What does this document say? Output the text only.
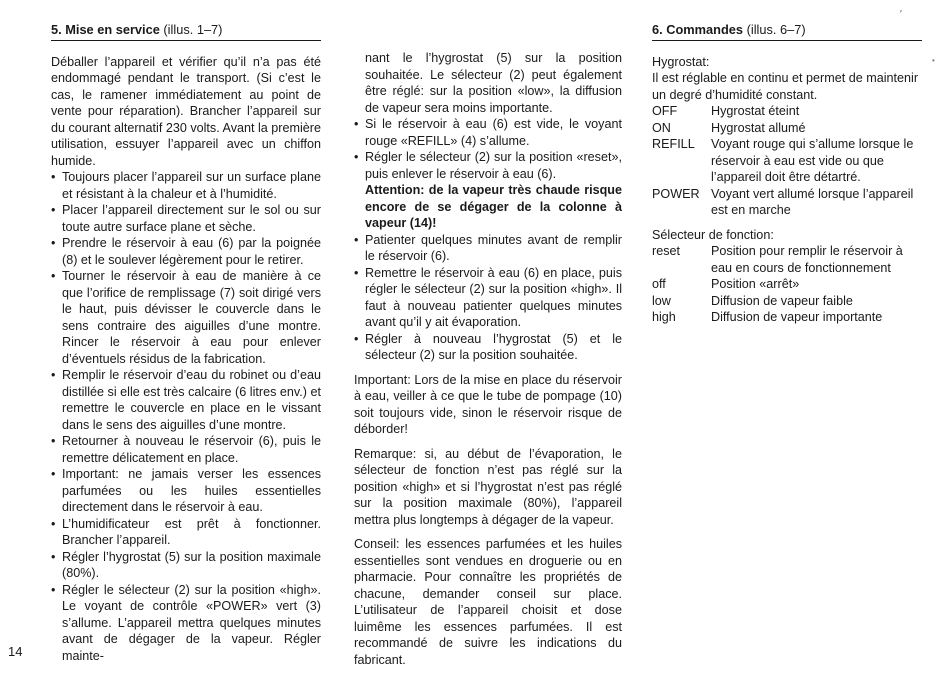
5. Mise en service (illus. 1–7)

Déballer l’appareil et vérifier qu’il n’a pas été endommagé pendant le transport. (Si c’est le cas, le ramener immédiatement au point de vente pour réparation). Brancher l’appareil sur du courant alternatif 230 volts. Avant la première utilisation, essuyer l’appareil avec un chiffon humide.

• Toujours placer l’appareil sur un surface plane et résistant à la chaleur et à l’humidité.
• Placer l’appareil directement sur le sol ou sur toute autre surface plane et sèche.
• Prendre le réservoir à eau (6) par la poignée (8) et le soulever légèrement pour le retirer.
• Tourner le réservoir à eau de manière à ce que l’orifice de remplissage (7) soit dirigé vers le haut, puis dévisser le couvercle dans le sens contraire des aiguilles d’une montre. Rincer le réservoir à eau pour enlever d’éventuels résidus de la fabrication.
• Remplir le réservoir d’eau du robinet ou d’eau distillée si elle est très calcaire (6 litres env.) et remettre le couvercle en place en le vissant dans le sens des aiguilles d’une montre.
• Retourner à nouveau le réservoir (6), puis le remettre délicatement en place.
• Important: ne jamais verser les essences parfumées ou les huiles essentielles directement dans le réservoir à eau.
• L’humidificateur est prêt à fonctionner. Brancher l’appareil.
• Régler l’hygrostat (5) sur la position maximale (80%).
• Régler le sélecteur (2) sur la position «high». Le voyant de contrôle «POWER» vert (3) s’allume. L’appareil mettra quelques minutes avant de dégager de la vapeur. Régler mainte-

nant le l’hygrostat (5) sur la position souhaitée. Le sélecteur (2) peut également être réglé: sur la position «low», la diffusion de vapeur sera moins importante.

• Si le réservoir à eau (6) est vide, le voyant rouge «REFILL» (4) s’allume.
• Régler le sélecteur (2) sur la position «reset», puis enlever le réservoir à eau (6).

Attention: de la vapeur très chaude risque encore de se dégager de la colonne à vapeur (14)!

• Patienter quelques minutes avant de remplir le réservoir (6).
• Remettre le réservoir à eau (6) en place, puis régler le sélecteur (2) sur la position «high». Il faut à nouveau patienter quelques minutes avant qu’il y ait évaporation.
• Régler à nouveau l’hygrostat (5) et le sélecteur (2) sur la position souhaitée.

Important: Lors de la mise en place du réservoir à eau, veiller à ce que le tube de pompage (10) soit toujours vide, sinon le réservoir risque de déborder!

Remarque: si, au début de l’évaporation, le sélecteur de fonction n’est pas réglé sur la position «high» et si l’hygrostat n’est pas réglé sur la position maximale (80%), l’appareil mettra plus longtemps à dégager de la vapeur.

Conseil: les essences parfumées et les huiles essentielles sont vendues en droguerie ou en pharmacie. Pour connaître les propriétés de chacune, demander conseil sur place. L’utilisateur de l’appareil choisit et dose luimême les essences parfumées. Il est recommandé de suivre les indications du fabricant.

6. Commandes (illus. 6–7)

Hygrostat:

Il est réglable en continu et permet de maintenir un degré d’humidité constant.

OFF	Hygrostat éteint
ON	Hygrostat allumé
REFILL	Voyant rouge qui s’allume lorsque le réservoir à eau est vide ou que l’appareil doit être détartré.
POWER	Voyant vert allumé lorsque l’appareil est en marche

Sélecteur de fonction:

reset	Position pour remplir le réservoir à eau en cours de fonctionnement
off	Position «arrêt»
low	Diffusion de vapeur faible
high	Diffusion de vapeur importante
14
′
•
